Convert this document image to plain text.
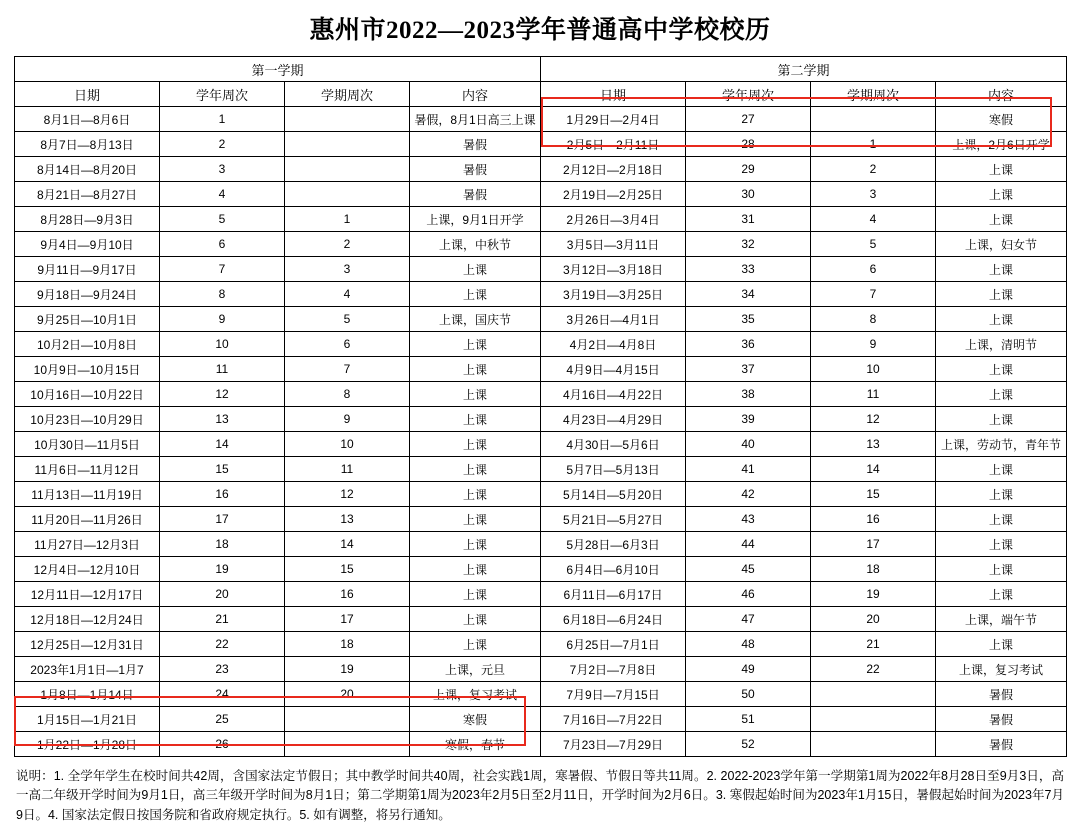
惠州市2022—2023学年普通高中学校校历
第一学期				第二学期			
日期	学年周次	学期周次	内容	日期	学年周次	学期周次	内容
8月1日—8月6日	1		暑假，8月1日高三上课	1月29日—2月4日	27		寒假
8月7日—8月13日	2		暑假	2月5日—2月11日	28	1	上课，2月6日开学
8月14日—8月20日	3		暑假	2月12日—2月18日	29	2	上课
8月21日—8月27日	4		暑假	2月19日—2月25日	30	3	上课
8月28日—9月3日	5	1	上课，9月1日开学	2月26日—3月4日	31	4	上课
9月4日—9月10日	6	2	上课，中秋节	3月5日—3月11日	32	5	上课，妇女节
9月11日—9月17日	7	3	上课	3月12日—3月18日	33	6	上课
9月18日—9月24日	8	4	上课	3月19日—3月25日	34	7	上课
9月25日—10月1日	9	5	上课，国庆节	3月26日—4月1日	35	8	上课
10月2日—10月8日	10	6	上课	4月2日—4月8日	36	9	上课，清明节
10月9日—10月15日	11	7	上课	4月9日—4月15日	37	10	上课
10月16日—10月22日	12	8	上课	4月16日—4月22日	38	11	上课
10月23日—10月29日	13	9	上课	4月23日—4月29日	39	12	上课
10月30日—11月5日	14	10	上课	4月30日—5月6日	40	13	上课，劳动节，青年节
11月6日—11月12日	15	11	上课	5月7日—5月13日	41	14	上课
11月13日—11月19日	16	12	上课	5月14日—5月20日	42	15	上课
11月20日—11月26日	17	13	上课	5月21日—5月27日	43	16	上课
11月27日—12月3日	18	14	上课	5月28日—6月3日	44	17	上课
12月4日—12月10日	19	15	上课	6月4日—6月10日	45	18	上课
12月11日—12月17日	20	16	上课	6月11日—6月17日	46	19	上课
12月18日—12月24日	21	17	上课	6月18日—6月24日	47	20	上课，端午节
12月25日—12月31日	22	18	上课	6月25日—7月1日	48	21	上课
2023年1月1日—1月7	23	19	上课，元旦	7月2日—7月8日	49	22	上课，复习考试
1月8日—1月14日	24	20	上课，复习考试	7月9日—7月15日	50		暑假
1月15日—1月21日	25		寒假	7月16日—7月22日	51		暑假
1月22日—1月28日	26		寒假，春节	7月23日—7月29日	52		暑假
说明：1. 全学年学生在校时间共42周，含国家法定节假日；其中教学时间共40周，社会实践1周，寒暑假、节假日等共11周。2. 2022-2023学年第一学期第1周为2022年8月28日至9月3日，高一高二年级开学时间为9月1日，高三年级开学时间为8月1日；第二学期第1周为2023年2月5日至2月11日，开学时间为2月6日。3. 寒假起始时间为2023年1月15日，暑假起始时间为2023年7月9日。4. 国家法定假日按国务院和省政府规定执行。5. 如有调整，将另行通知。
